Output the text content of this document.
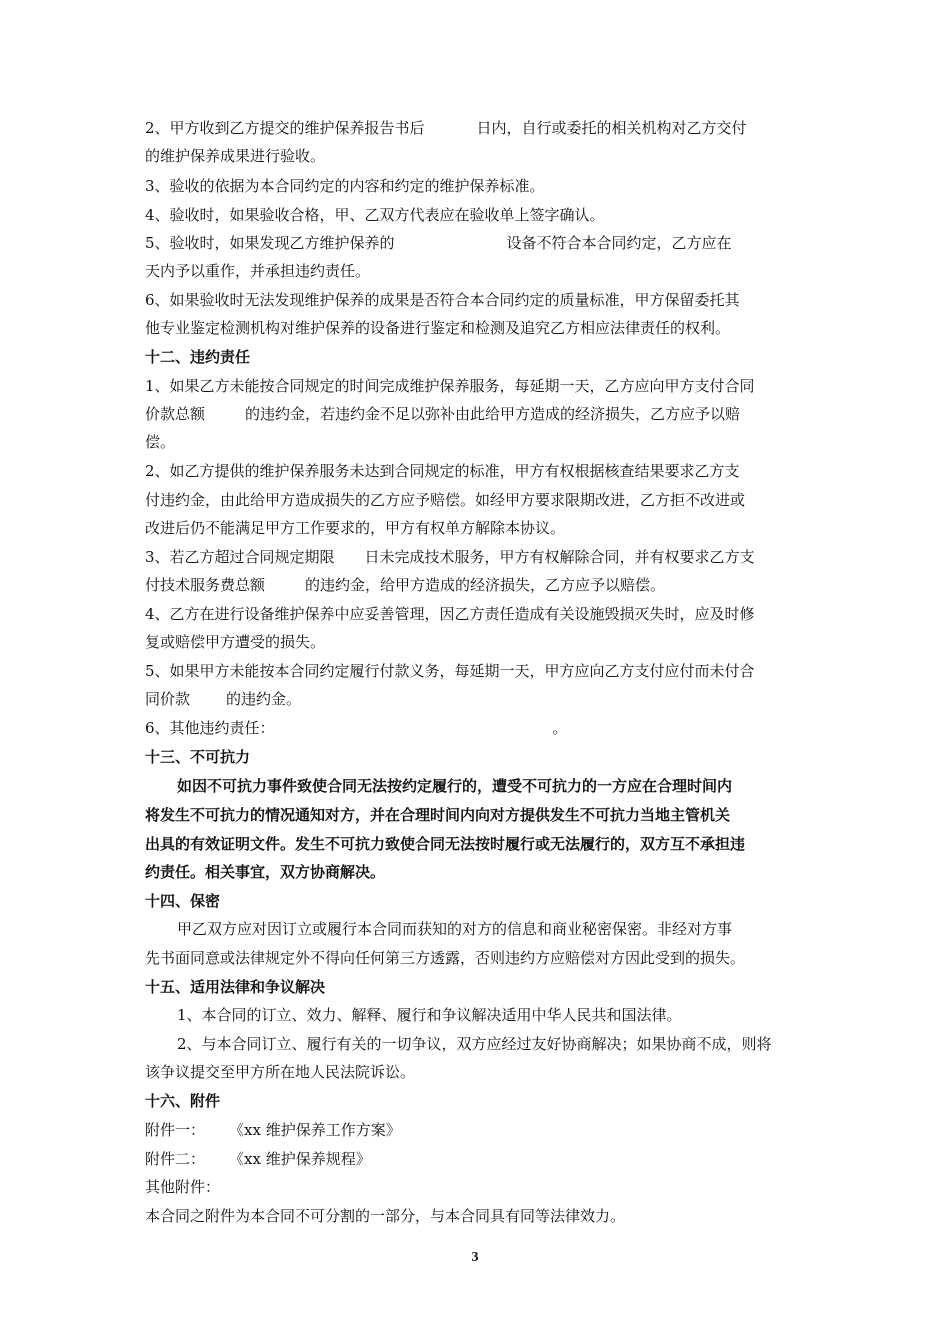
2、甲方收到乙方提交的维护保养报告书后	日内，自行或委托的相关机构对乙方交付
的维护保养成果进行验收。
3、验收的依据为本合同约定的内容和约定的维护保养标准。
4、验收时，如果验收合格，甲、乙双方代表应在验收单上签字确认。
5、验收时，如果发现乙方维护保养的	设备不符合本合同约定，乙方应在
天内予以重作，并承担违约责任。
6、如果验收时无法发现维护保养的成果是否符合本合同约定的质量标准，甲方保留委托其
他专业鉴定检测机构对维护保养的设备进行鉴定和检测及追究乙方相应法律责任的权利。
十二、违约责任
1、如果乙方未能按合同规定的时间完成维护保养服务，每延期一天，乙方应向甲方支付合同
价款总额	的违约金，若违约金不足以弥补由此给甲方造成的经济损失，乙方应予以赔
偿。
2、如乙方提供的维护保养服务未达到合同规定的标准，甲方有权根据核查结果要求乙方支
付违约金，由此给甲方造成损失的乙方应予赔偿。如经甲方要求限期改进，乙方拒不改进或
改进后仍不能满足甲方工作要求的，甲方有权单方解除本协议。
3、若乙方超过合同规定期限 日未完成技术服务，甲方有权解除合同，并有权要求乙方支
付技术服务费总额	的违约金，给甲方造成的经济损失，乙方应予以赔偿。
4、乙方在进行设备维护保养中应妥善管理，因乙方责任造成有关设施毁损灭失时，应及时修
复或赔偿甲方遭受的损失。
5、如果甲方未能按本合同约定履行付款义务，每延期一天，甲方应向乙方支付应付而未付合
同价款 的违约金。
6、其他违约责任：	。
十三、不可抗力
如因不可抗力事件致使合同无法按约定履行的，遭受不可抗力的一方应在合理时间内
将发生不可抗力的情况通知对方，并在合理时间内向对方提供发生不可抗力当地主管机关
出具的有效证明文件。发生不可抗力致使合同无法按时履行或无法履行的，双方互不承担违
约责任。相关事宜，双方协商解决。
十四、保密
甲乙双方应对因订立或履行本合同而获知的对方的信息和商业秘密保密。非经对方事
先书面同意或法律规定外不得向任何第三方透露，否则违约方应赔偿对方因此受到的损失。
十五、适用法律和争议解决
1、本合同的订立、效力、解释、履行和争议解决适用中华人民共和国法律。
2、与本合同订立、履行有关的一切争议，双方应经过友好协商解决；如果协商不成，则将
该争议提交至甲方所在地人民法院诉讼。
十六、附件
附件一： 《xx 维护保养工作方案》
附件二： 《xx 维护保养规程》
其他附件：
本合同之附件为本合同不可分割的一部分，与本合同具有同等法律效力。
3
